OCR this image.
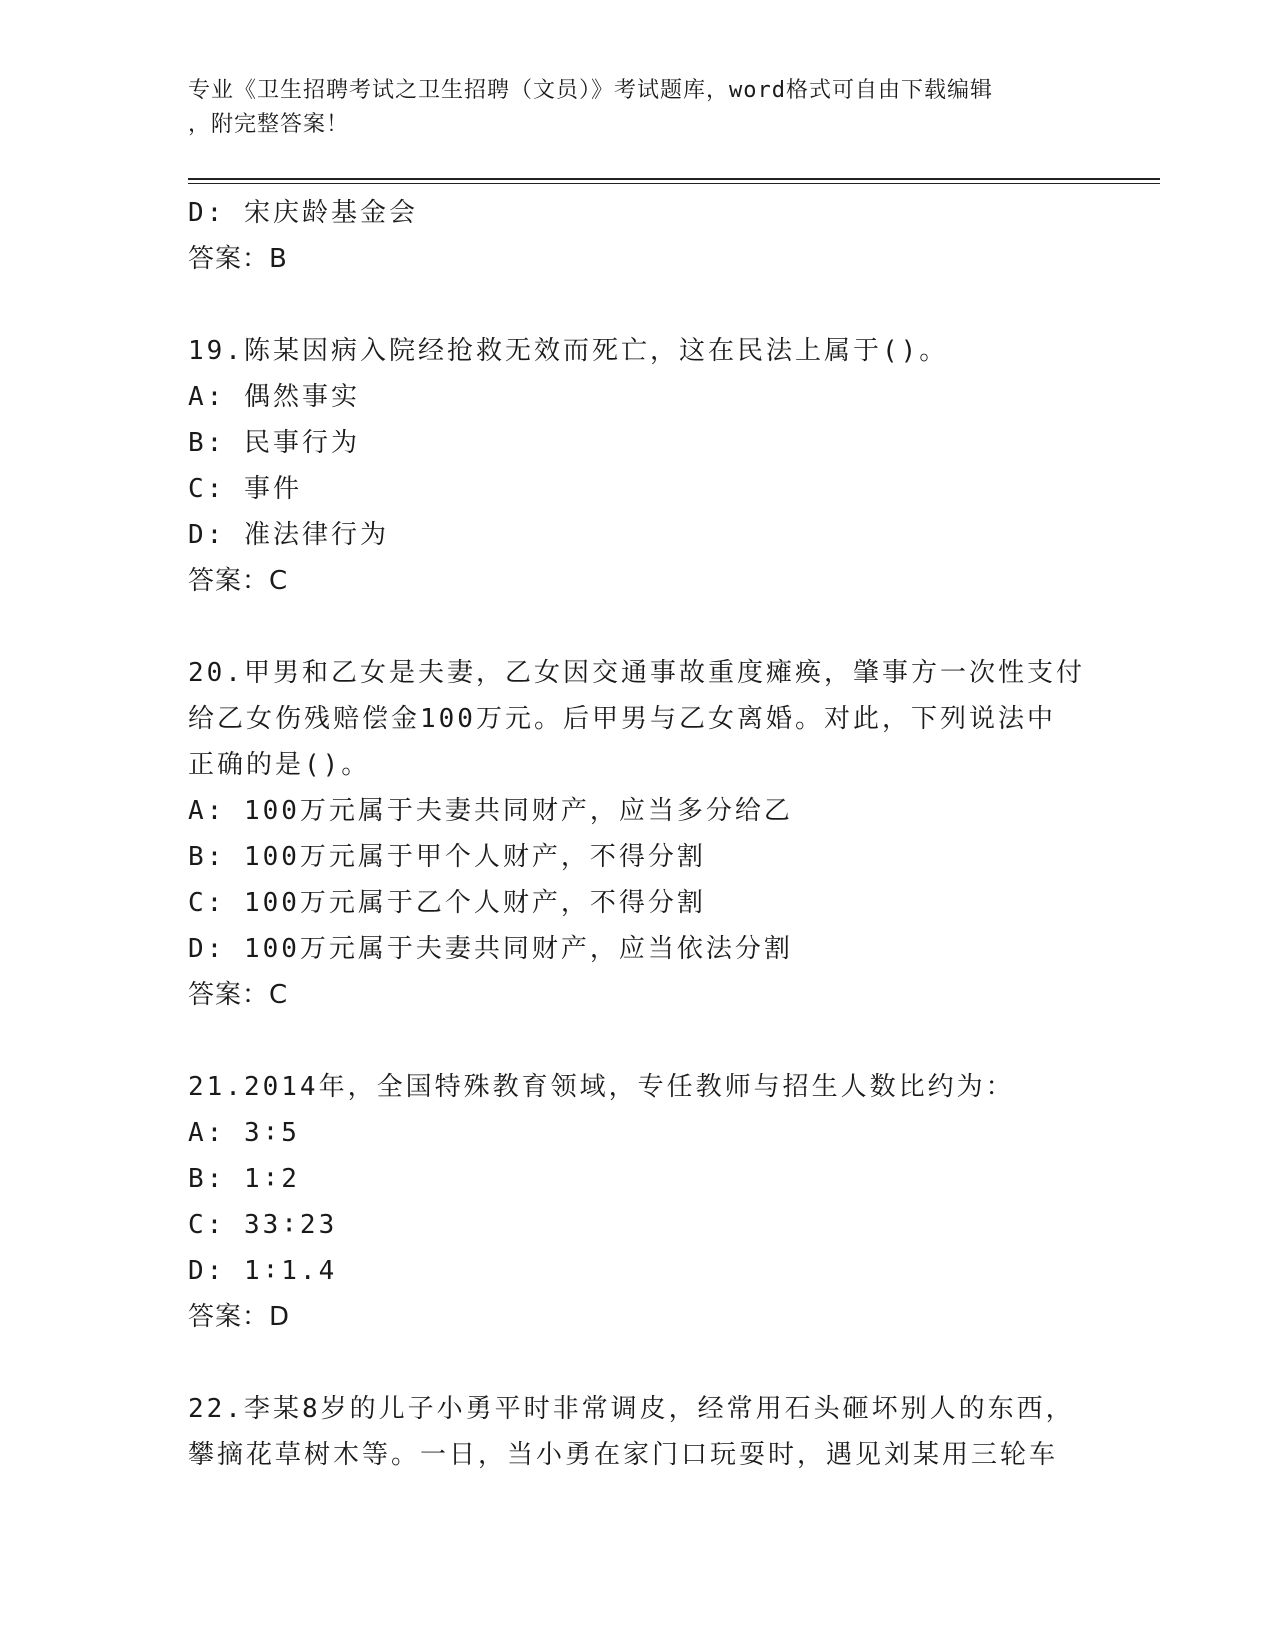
专业《卫生招聘考试之卫生招聘（文员）》考试题库，word格式可自由下载编辑
，附完整答案！
D: 宋庆龄基金会
答案：B
19.陈某因病入院经抢救无效而死亡，这在民法上属于()。
A: 偶然事实
B: 民事行为
C: 事件
D: 准法律行为
答案：C
20.甲男和乙女是夫妻，乙女因交通事故重度瘫痪，肇事方一次性支付
给乙女伤残赔偿金100万元。后甲男与乙女离婚。对此，下列说法中
正确的是()。
A: 100万元属于夫妻共同财产，应当多分给乙
B: 100万元属于甲个人财产，不得分割
C: 100万元属于乙个人财产，不得分割
D: 100万元属于夫妻共同财产，应当依法分割
答案：C
21.2014年，全国特殊教育领域，专任教师与招生人数比约为：
A: 3∶5
B: 1∶2
C: 33∶23
D: 1∶1.4
答案：D
22.李某8岁的儿子小勇平时非常调皮，经常用石头砸坏别人的东西，
攀摘花草树木等。一日，当小勇在家门口玩耍时，遇见刘某用三轮车
